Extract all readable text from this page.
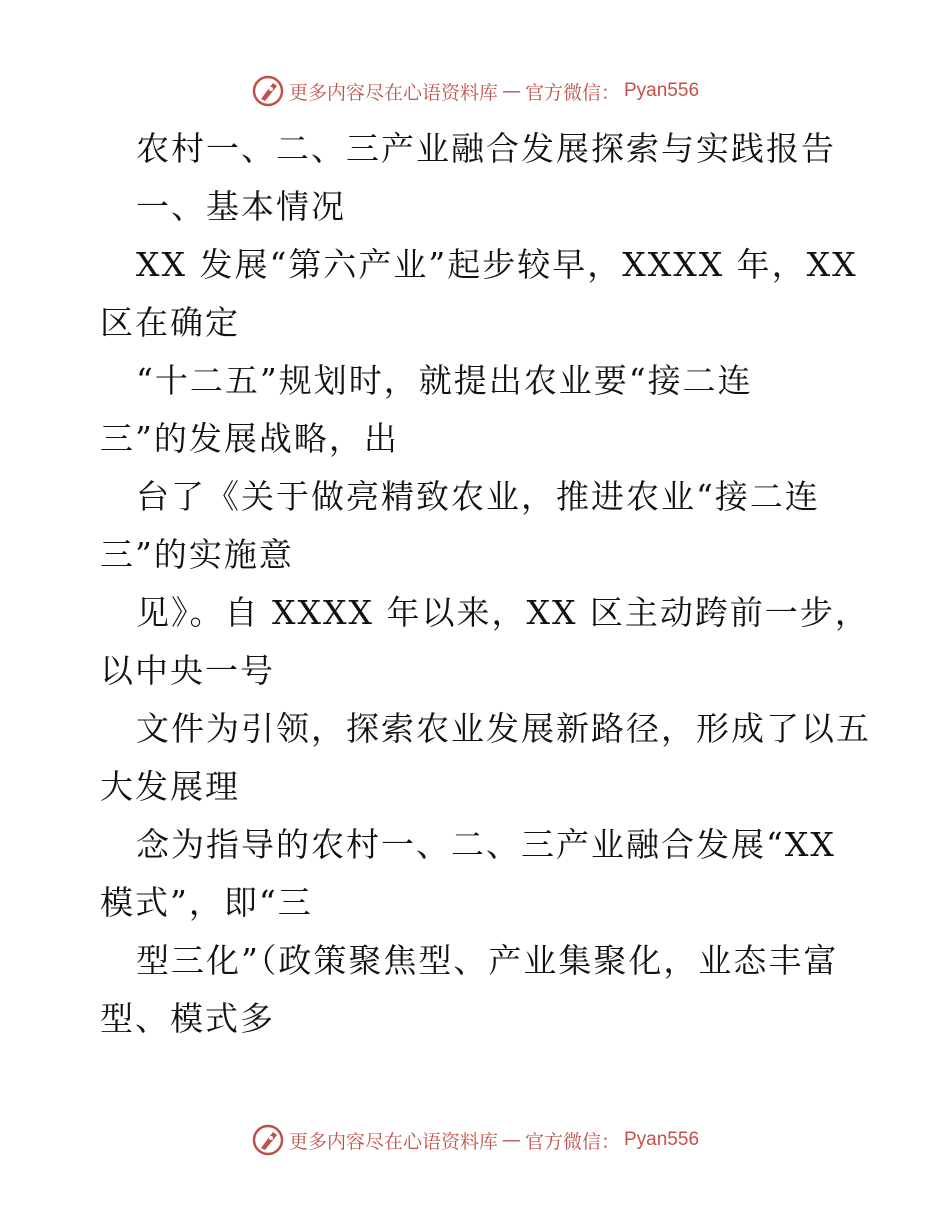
更多内容尽在心语资料库 — 官方微信： Pyan556

农村一、二、三产业融合发展探索与实践报告

一、基本情况

XX 发展“第六产业”起步较早，XXXX 年，XX

区在确定

“十二五”规划时，就提出农业要“接二连

三”的发展战略，出

台了《关于做亮精致农业，推进农业“接二连

三”的实施意

见》。自 XXXX 年以来，XX 区主动跨前一步，

以中央一号

文件为引领，探索农业发展新路径，形成了以五

大发展理

念为指导的农村一、二、三产业融合发展“XX

模式”，即“三

型三化”（政策聚焦型、产业集聚化，业态丰富

型、模式多

更多内容尽在心语资料库 — 官方微信： Pyan556
